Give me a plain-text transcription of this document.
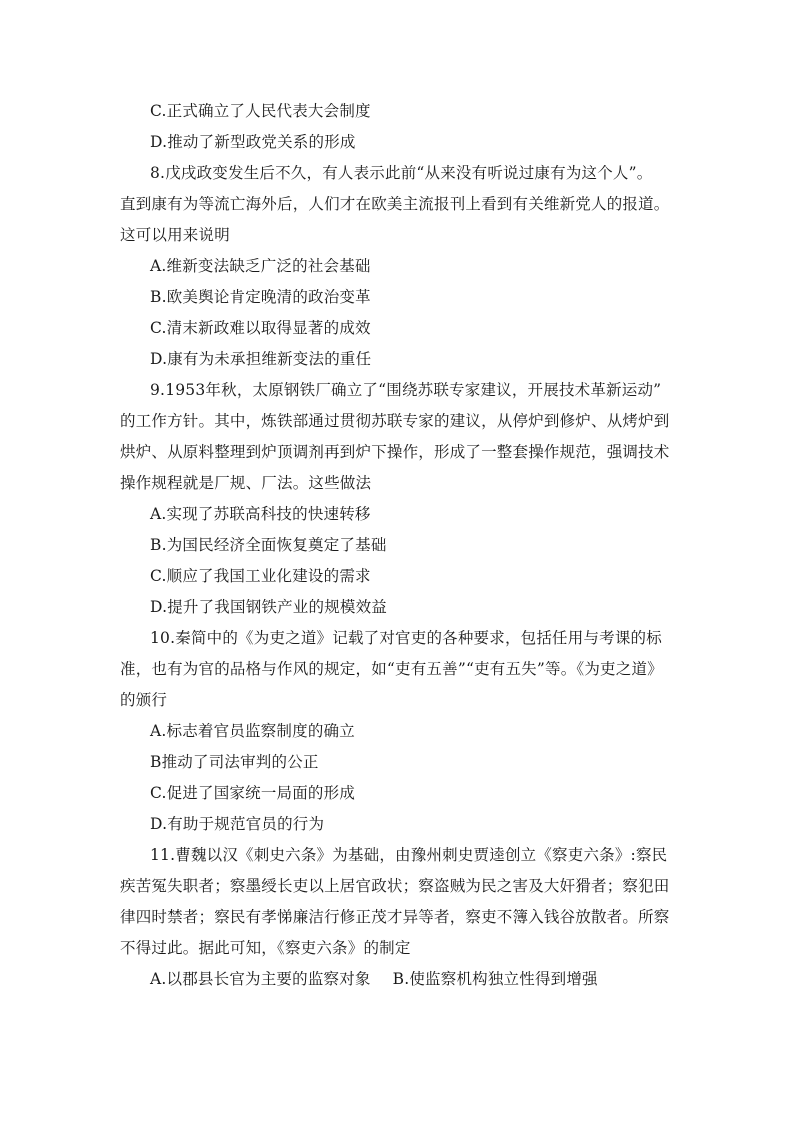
C.正式确立了人民代表大会制度
D.推动了新型政党关系的形成
8.戊戌政变发生后不久，有人表示此前“从来没有听说过康有为这个人”。
直到康有为等流亡海外后，人们才在欧美主流报刊上看到有关维新党人的报道。
这可以用来说明
A.维新变法缺乏广泛的社会基础
B.欧美舆论肯定晚清的政治变革
C.清末新政难以取得显著的成效
D.康有为未承担维新变法的重任
9.1953年秋，太原钢铁厂确立了“围绕苏联专家建议，开展技术革新运动”
的工作方针。其中，炼铁部通过贯彻苏联专家的建议，从停炉到修炉、从烤炉到
烘炉、从原料整理到炉顶调剂再到炉下操作，形成了一整套操作规范，强调技术
操作规程就是厂规、厂法。这些做法
A.实现了苏联高科技的快速转移
B.为国民经济全面恢复奠定了基础
C.顺应了我国工业化建设的需求
D.提升了我国钢铁产业的规模效益
10.秦简中的《为吏之道》记载了对官吏的各种要求，包括任用与考课的标
准，也有为官的品格与作风的规定，如“吏有五善”“吏有五失”等。《为吏之道》
的颁行
A.标志着官员监察制度的确立
B推动了司法审判的公正
C.促进了国家统一局面的形成
D.有助于规范官员的行为
11.曹魏以汉《刺史六条》为基础，由豫州刺史贾逵创立《察吏六条》:察民
疾苦冤失职者；察墨绶长吏以上居官政状；察盗贼为民之害及大奸猾者；察犯田
律四时禁者；察民有孝悌廉洁行修正茂才异等者，察吏不簿入钱谷放散者。所察
不得过此。据此可知，《察吏六条》的制定
A.以郡县长官为主要的监察对象 B.使监察机构独立性得到增强
